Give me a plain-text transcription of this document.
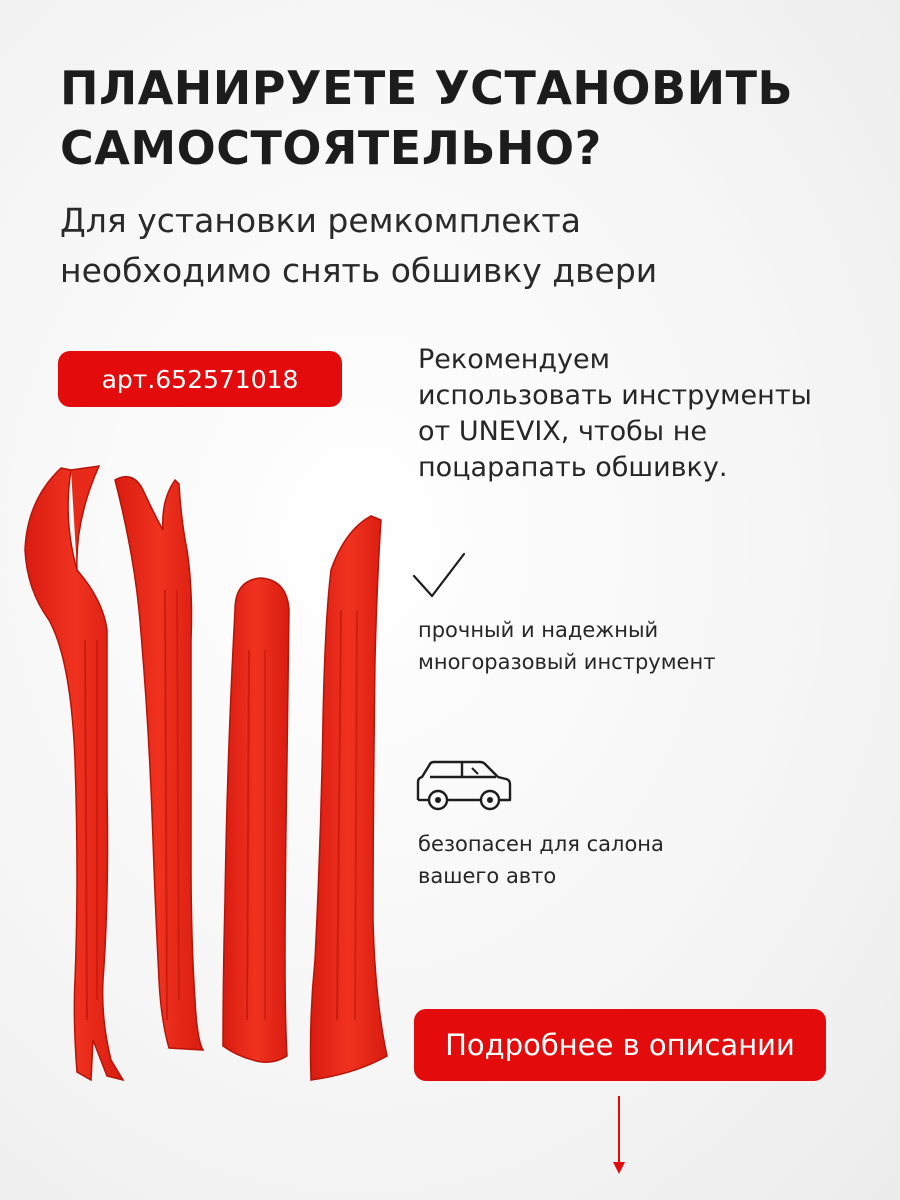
ПЛАНИРУЕТЕ УСТАНОВИТЬ
САМОСТОЯТЕЛЬНО?
Для установки ремкомплекта
необходимо снять обшивку двери
арт.652571018
Рекомендуем
использовать инструменты
от UNEVIX, чтобы не
поцарапать обшивку.
прочный и надежный
многоразовый инструмент
безопасен для салона
вашего авто
Подробнее в описании
